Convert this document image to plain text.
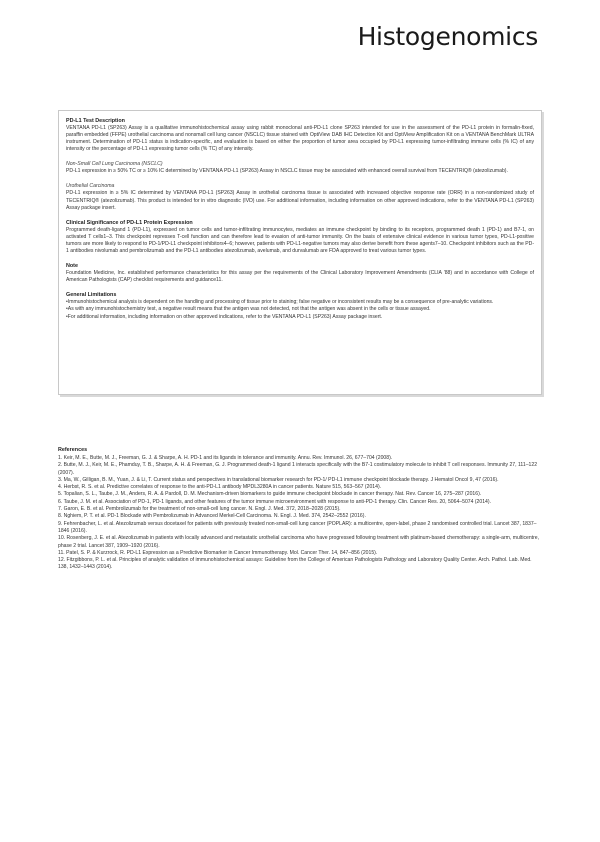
Histogenomics
PD-L1 Test Description

VENTANA PD-L1 (SP263) Assay is a qualitative immunohistochemical assay using rabbit monoclonal anti-PD-L1 clone SP263 intended for use in the assessment of the PD-L1 protein in formalin-fixed, paraffin embedded (FFPE) urothelial carcinoma and nonsmall cell lung cancer (NSCLC) tissue stained with OptiView DAB IHC Detection Kit and OptiView Amplification Kit on a VENTANA BenchMark ULTRA instrument. Determination of PD-L1 status is indication-specific, and evaluation is based on either the proportion of tumor area occupied by PD-L1 expressing tumor-infiltrating immune cells (% IC) of any intensity or the percentage of PD-L1 expressing tumor cells (% TC) of any intensity.

Non-Small Cell Lung Carcinoma (NSCLC)

PD-L1 expression in ≥ 50% TC or ≥ 10% IC determined by VENTANA PD-L1 (SP263) Assay in NSCLC tissue may be associated with enhanced overall survival from TECENTRIQ® (atezolizumab).

Urothelial Carcinoma

PD-L1 expression in ≥ 5% IC determined by VENTANA PD-L1 (SP263) Assay in urothelial carcinoma tissue is associated with increased objective response rate (ORR) in a non-randomized study of TECENTRIQ® (atezolizumab). This product is intended for in vitro diagnostic (IVD) use. For additional information, including information on other approved indications, refer to the VENTANA PD-L1 (SP263) Assay package insert.

Clinical Significance of PD-L1 Protein Expression

Programmed death-ligand 1 (PD-L1), expressed on tumor cells and tumor-infiltrating immunocytes, mediates an immune checkpoint by binding to its receptors, programmed death 1 (PD-1) and B7-1, on activated T cells1–3. This checkpoint represses T-cell function and can therefore lead to evasion of anti-tumor immunity. On the basis of extensive clinical evidence in various tumor types, PD-L1-positive tumors are more likely to respond to PD-1/PD-L1 checkpoint inhibitors4–6; however, patients with PD-L1-negative tumors may also derive benefit from these agents7–10. Checkpoint inhibitors such as the PD-1 antibodies nivolumab and pembrolizumab and the PD-L1 antibodies atezolizumab, avelumab, and durvalumab are FDA approved to treat various tumor types.

Note

Foundation Medicine, Inc. established performance characteristics for this assay per the requirements of the Clinical Laboratory Improvement Amendments (CLIA '88) and in accordance with College of American Pathologists (CAP) checklist requirements and guidance11.

General Limitations
• Immunohistochemical analysis is dependent on the handling and processing of tissue prior to staining; false negative or inconsistent results may be a consequence of pre-analytic variations.
• As with any immunohistochemistry test, a negative result means that the antigen was not detected, not that the antigen was absent in the cells or tissue assayed.
• For additional information, including information on other approved indications, refer to the VENTANA PD-L1 (SP263) Assay package insert.
References
1. Keir, M. E., Butte, M. J., Freeman, G. J. & Sharpe, A. H. PD-1 and its ligands in tolerance and immunity. Annu. Rev. Immunol. 26, 677–704 (2008).
2. Butte, M. J., Keir, M. E., Phamduy, T. B., Sharpe, A. H. & Freeman, G. J. Programmed death-1 ligand 1 interacts specifically with the B7-1 costimulatory molecule to inhibit T cell responses. Immunity 27, 111–122 (2007).
3. Ma, W., Gilligan, B. M., Yuan, J. & Li, T. Current status and perspectives in translational biomarker research for PD-1/ PD-L1 immune checkpoint blockade therapy. J Hematol Oncol 9, 47 (2016).
4. Herbst, R. S. et al. Predictive correlates of response to the anti-PD-L1 antibody MPDL3280A in cancer patients. Nature 515, 563–567 (2014).
5. Topalian, S. L., Taube, J. M., Anders, R. A. & Pardoll, D. M. Mechanism-driven biomarkers to guide immune checkpoint blockade in cancer therapy. Nat. Rev. Cancer 16, 275–287 (2016).
6. Taube, J. M. et al. Association of PD-1, PD-1 ligands, and other features of the tumor immune microenvironment with response to anti-PD-1 therapy. Clin. Cancer Res. 20, 5064–5074 (2014).
7. Garon, E. B. et al. Pembrolizumab for the treatment of non-small-cell lung cancer. N. Engl. J. Med. 372, 2018–2028 (2015).
8. Nghiem, P. T. et al. PD-1 Blockade with Pembrolizumab in Advanced Merkel-Cell Carcinoma. N. Engl. J. Med. 374, 2542–2552 (2016).
9. Fehrenbacher, L. et al. Atezolizumab versus docetaxel for patients with previously treated non-small-cell lung cancer (POPLAR): a multicentre, open-label, phase 2 randomised controlled trial. Lancet 387, 1837–1846 (2016).
10. Rosenberg, J. E. et al. Atezolizumab in patients with locally advanced and metastatic urothelial carcinoma who have progressed following treatment with platinum-based chemotherapy: a single-arm, multicentre, phase 2 trial. Lancet 387, 1909–1920 (2016).
11. Patel, S. P. & Kurzrock, R. PD-L1 Expression as a Predictive Biomarker in Cancer Immunotherapy. Mol. Cancer Ther. 14, 847–856 (2015).
12. Fitzgibbons, P. L. et al. Principles of analytic validation of immunohistochemical assays: Guideline from the College of American Pathologists Pathology and Laboratory Quality Center. Arch. Pathol. Lab. Med. 138, 1432–1443 (2014).
